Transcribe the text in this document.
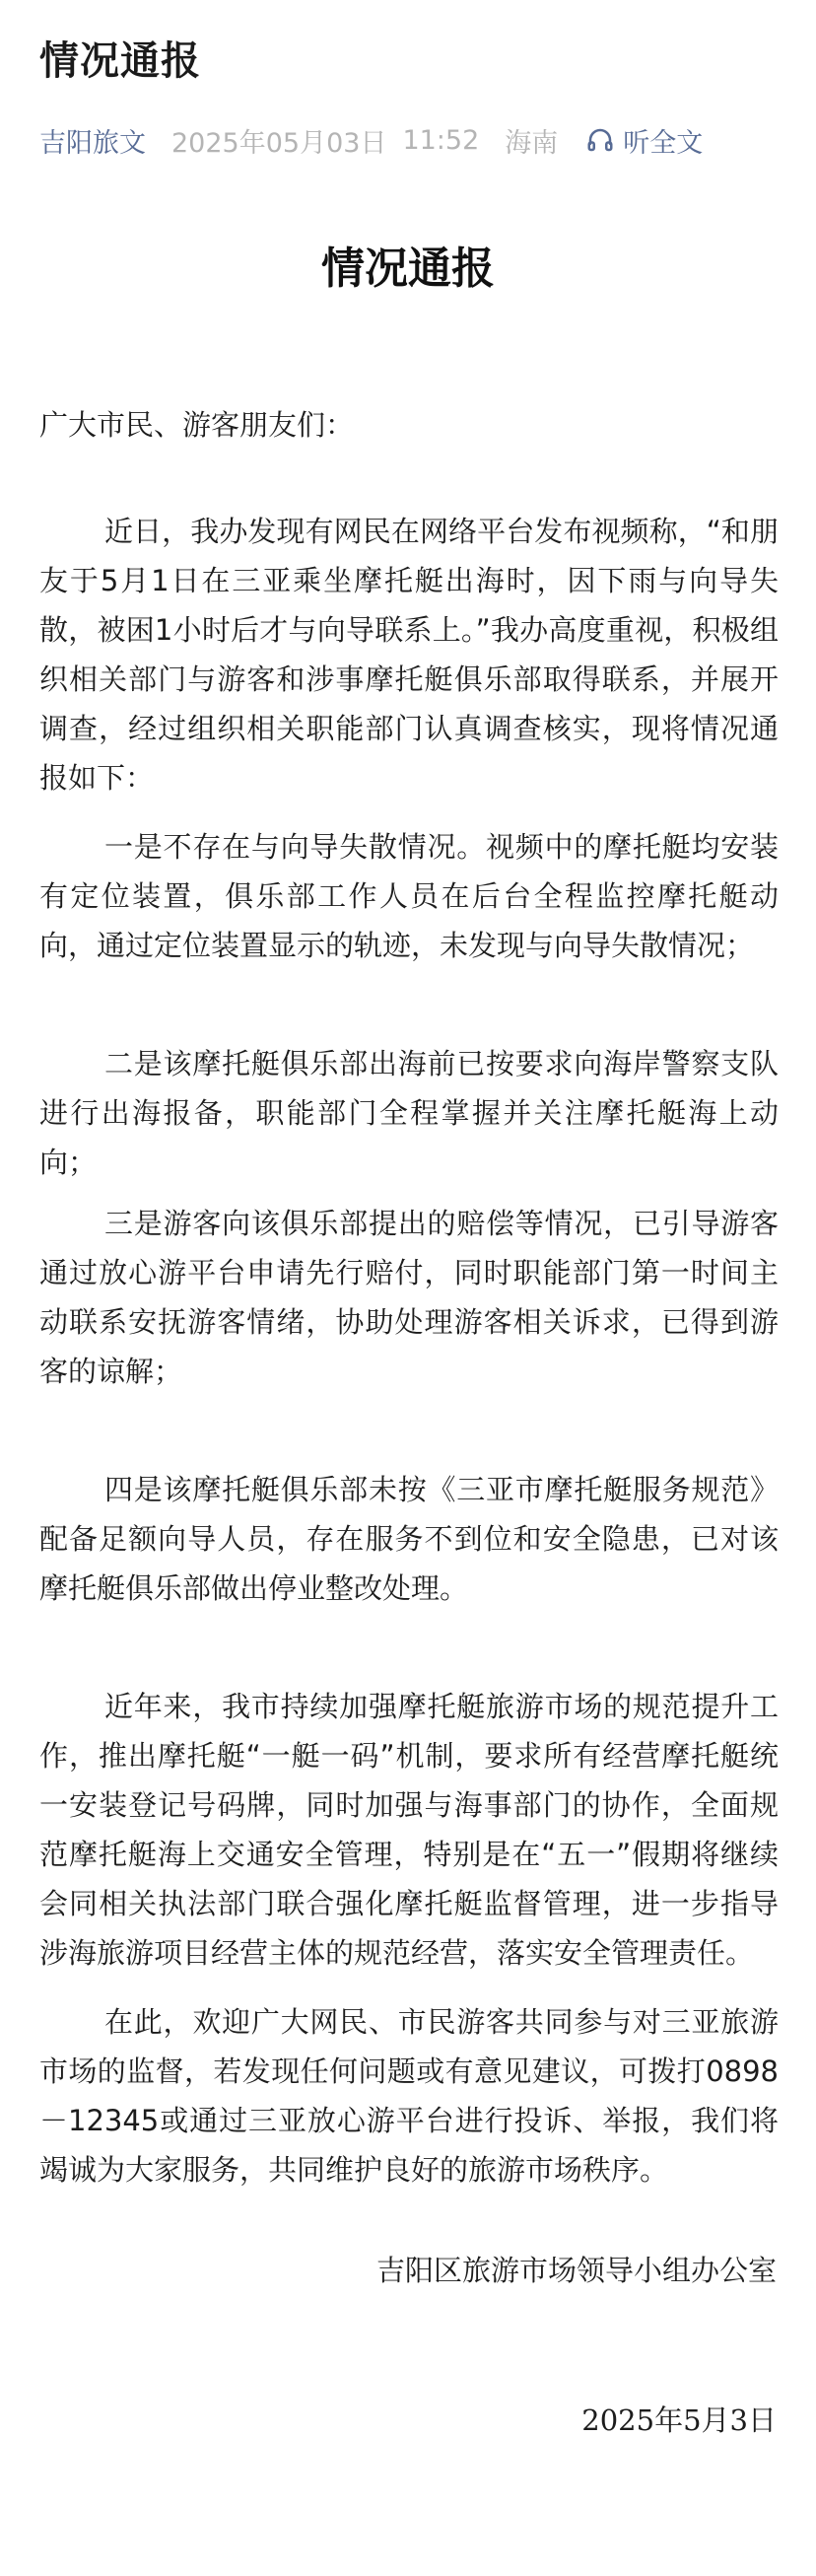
情况通报
吉阳旅文 2025年05月03日 11:52 海南 听全文
情况通报

广大市民、游客朋友们：

近日，我办发现有网民在网络平台发布视频称，“和朋友于5月1日在三亚乘坐摩托艇出海时，因下雨与向导失散，被困1小时后才与向导联系上。”我办高度重视，积极组织相关部门与游客和涉事摩托艇俱乐部取得联系，并展开调查，经过组织相关职能部门认真调查核实，现将情况通报如下：

一是不存在与向导失散情况。视频中的摩托艇均安装有定位装置，俱乐部工作人员在后台全程监控摩托艇动向，通过定位装置显示的轨迹，未发现与向导失散情况；

二是该摩托艇俱乐部出海前已按要求向海岸警察支队进行出海报备，职能部门全程掌握并关注摩托艇海上动向；

三是游客向该俱乐部提出的赔偿等情况，已引导游客通过放心游平台申请先行赔付，同时职能部门第一时间主动联系安抚游客情绪，协助处理游客相关诉求，已得到游客的谅解；

四是该摩托艇俱乐部未按《三亚市摩托艇服务规范》配备足额向导人员，存在服务不到位和安全隐患，已对该摩托艇俱乐部做出停业整改处理。

近年来，我市持续加强摩托艇旅游市场的规范提升工作，推出摩托艇“一艇一码”机制，要求所有经营摩托艇统一安装登记号码牌，同时加强与海事部门的协作，全面规范摩托艇海上交通安全管理，特别是在“五一”假期将继续会同相关执法部门联合强化摩托艇监督管理，进一步指导涉海旅游项目经营主体的规范经营，落实安全管理责任。

在此，欢迎广大网民、市民游客共同参与对三亚旅游市场的监督，若发现任何问题或有意见建议，可拨打0898－12345或通过三亚放心游平台进行投诉、举报，我们将竭诚为大家服务，共同维护良好的旅游市场秩序。

吉阳区旅游市场领导小组办公室

2025年5月3日
